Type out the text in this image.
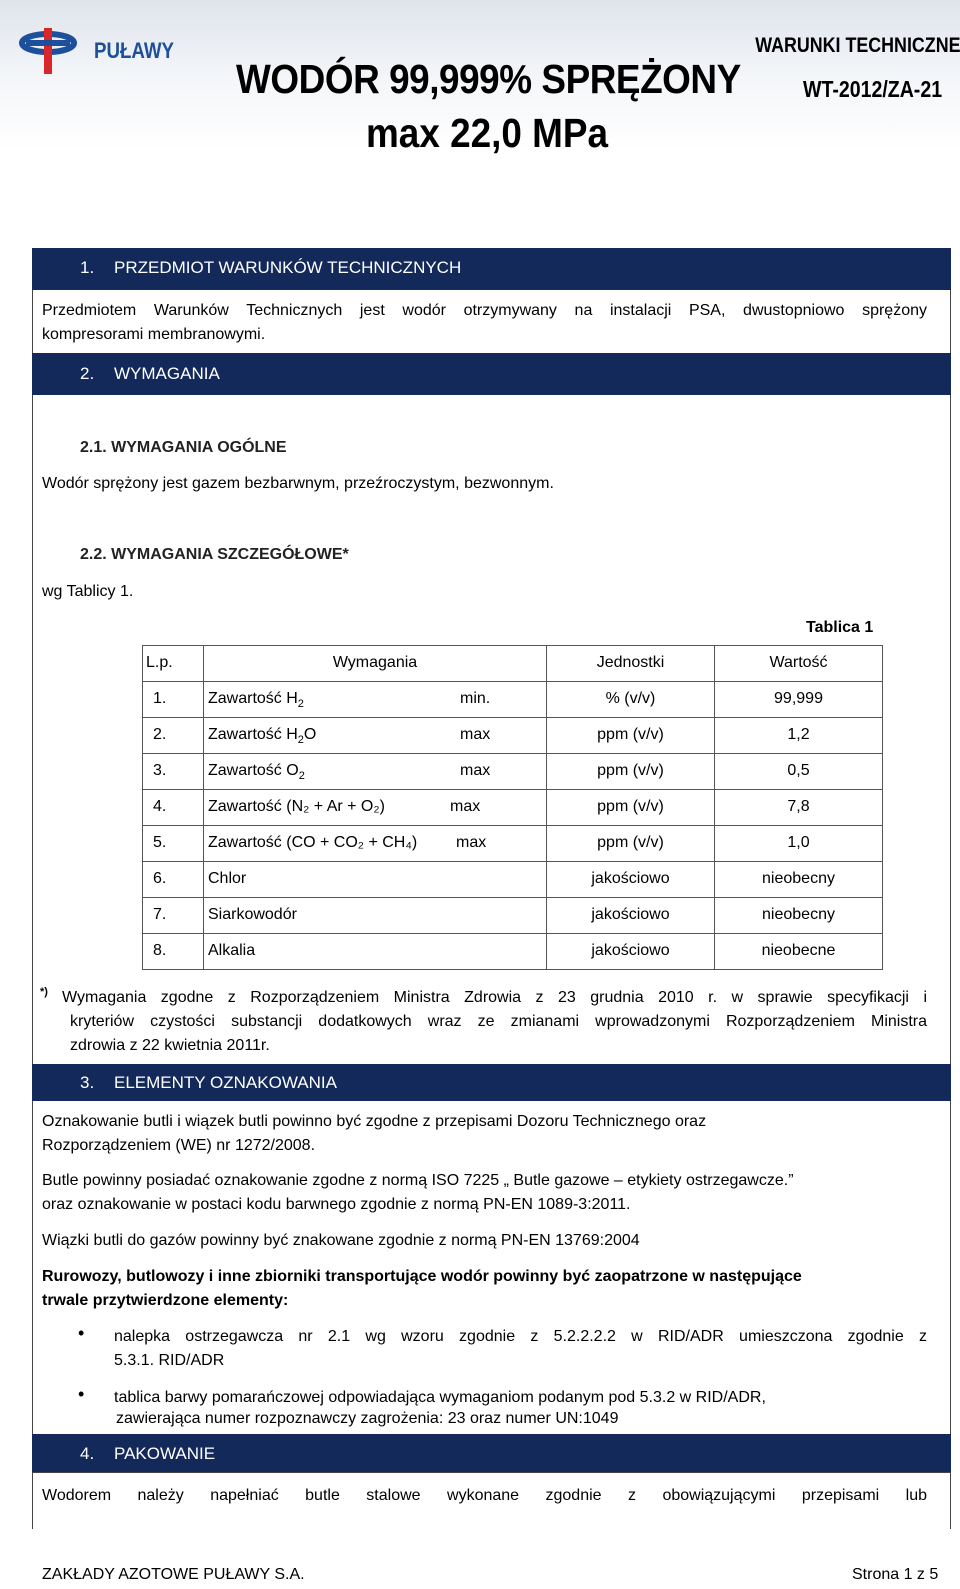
PUŁAWY
WODÓR 99,999% SPRĘŻONY
max 22,0 MPa
WARUNKI TECHNICZNE
WT-2012/ZA-21
1. PRZEDMIOT WARUNKÓW TECHNICZNYCH
Przedmiotem Warunków Technicznych jest wodór otrzymywany na instalacji PSA, dwustopniowo sprężony
kompresorami membranowymi.
2. WYMAGANIA
2.1. WYMAGANIA OGÓLNE
Wodór sprężony jest gazem bezbarwnym, przeźroczystym, bezwonnym.
2.2. WYMAGANIA SZCZEGÓŁOWE*
wg Tablicy 1.
Tablica 1
L.p.	Wymagania	Jednostki	Wartość

1.	Zawartość $H_2$ min.	% (v/v)	99,999

2.	Zawartość $H_2O$ max	ppm (v/v)	1,2

3.	Zawartość $O_2$ max	ppm (v/v)	0,5

4.	Zawartość (N₂ + Ar + O₂) max	ppm (v/v)	7,8

5.	Zawartość (CO + CO₂ + CH₄) max	ppm (v/v)	1,0

6.	Chlor	jakościowo	nieobecny

7.	Siarkowodór	jakościowo	nieobecny

8.	Alkalia	jakościowo	nieobecne
*) Wymagania zgodne z Rozporządzeniem Ministra Zdrowia z 23 grudnia 2010 r. w sprawie specyfikacji i
kryteriów czystości substancji dodatkowych wraz ze zmianami wprowadzonymi Rozporządzeniem Ministra
zdrowia z 22 kwietnia 2011r.
3. ELEMENTY OZNAKOWANIA
Oznakowanie butli i wiązek butli powinno być zgodne z przepisami Dozoru Technicznego oraz
Rozporządzeniem (WE) nr 1272/2008.
Butle powinny posiadać oznakowanie zgodne z normą ISO 7225 „ Butle gazowe – etykiety ostrzegawcze.”
oraz oznakowanie w postaci kodu barwnego zgodnie z normą PN-EN 1089-3:2011.
Wiązki butli do gazów powinny być znakowane zgodnie z normą PN-EN 13769:2004
Rurowozy, butlowozy i inne zbiorniki transportujące wodór powinny być zaopatrzone w następujące
trwale przytwierdzone elementy:
• nalepka ostrzegawcza nr 2.1 wg wzoru zgodnie z 5.2.2.2.2 w RID/ADR umieszczona zgodnie z
5.3.1. RID/ADR
• tablica barwy pomarańczowej odpowiadająca wymaganiom podanym pod 5.3.2 w RID/ADR,
zawierająca numer rozpoznawczy zagrożenia: 23 oraz numer UN:1049
4. PAKOWANIE
Wodorem należy napełniać butle stalowe wykonane zgodnie z obowiązującymi przepisami lub
ZAKŁADY AZOTOWE PUŁAWY S.A.	Strona 1 z 5
